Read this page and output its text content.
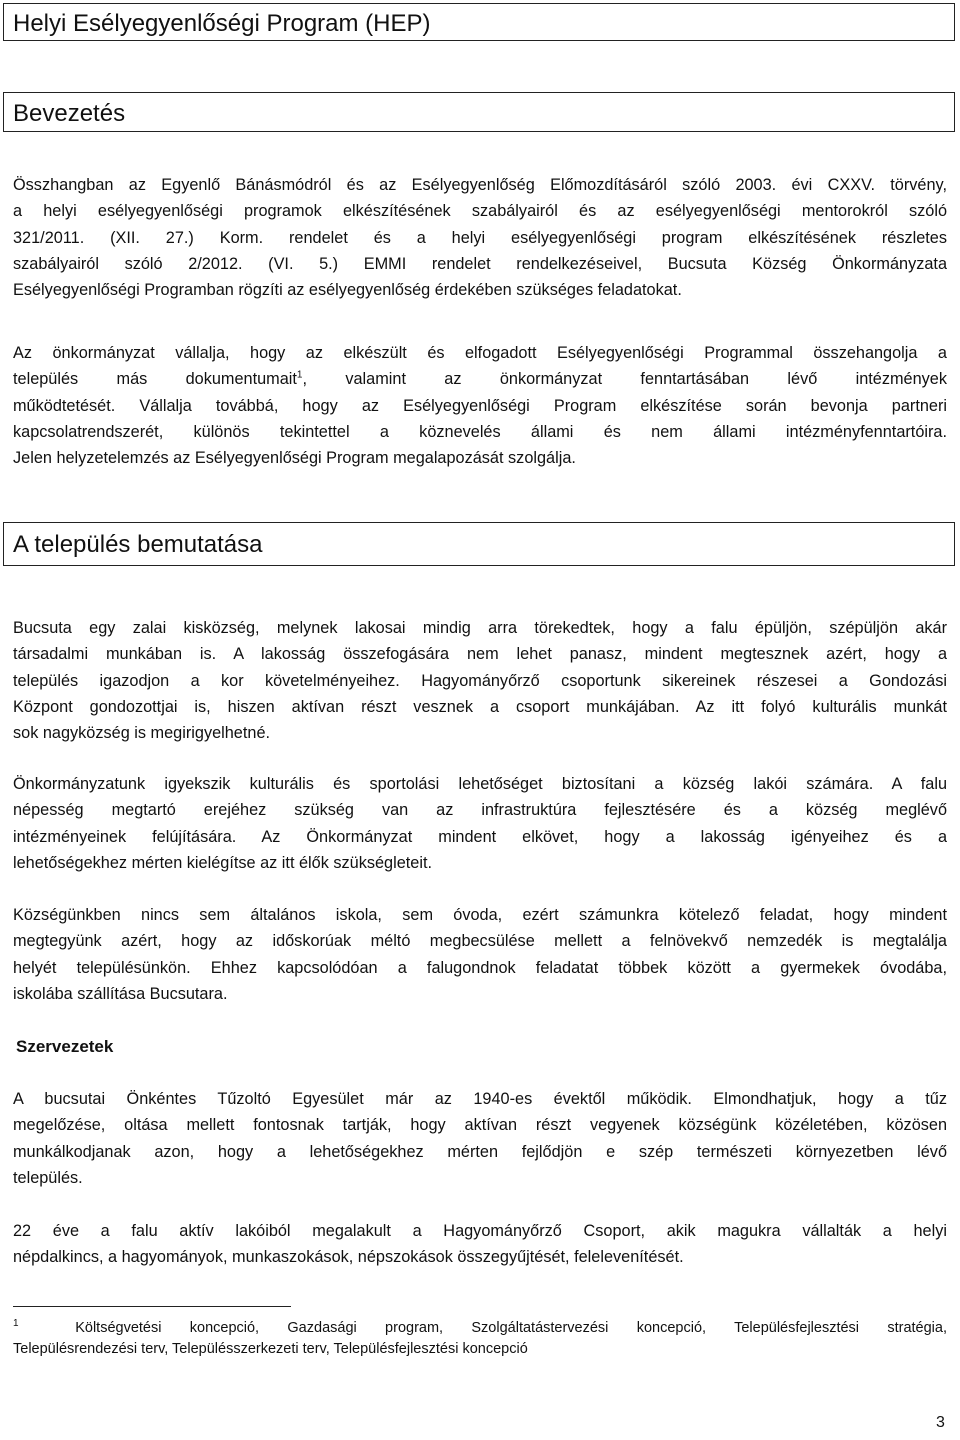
Helyi Esélyegyenlőségi Program (HEP)
Bevezetés
Összhangban az Egyenlő Bánásmódról és az Esélyegyenlőség Előmozdításáról szóló 2003. évi CXXV. törvény,
a helyi esélyegyenlőségi programok elkészítésének szabályairól és az esélyegyenlőségi mentorokról szóló
321/2011. (XII. 27.) Korm. rendelet és a helyi esélyegyenlőségi program elkészítésének részletes
szabályairól szóló 2/2012. (VI. 5.) EMMI rendelet rendelkezéseivel, Bucsuta Község Önkormányzata
Esélyegyenlőségi Programban rögzíti az esélyegyenlőség érdekében szükséges feladatokat.
Az önkormányzat vállalja, hogy az elkészült és elfogadott Esélyegyenlőségi Programmal összehangolja a
település más dokumentumait$^1$, valamint az önkormányzat fenntartásában lévő intézmények
működtetését. Vállalja továbbá, hogy az Esélyegyenlőségi Program elkészítése során bevonja partneri
kapcsolatrendszerét, különös tekintettel a köznevelés állami és nem állami intézményfenntartóira.
Jelen helyzetelemzés az Esélyegyenlőségi Program megalapozását szolgálja.
A település bemutatása
Bucsuta egy zalai kisközség, melynek lakosai mindig arra törekedtek, hogy a falu épüljön, szépüljön akár
társadalmi munkában is. A lakosság összefogására nem lehet panasz, mindent megtesznek azért, hogy a
település igazodjon a kor követelményeihez. Hagyományőrző csoportunk sikereinek részesei a Gondozási
Központ gondozottjai is, hiszen aktívan részt vesznek a csoport munkájában. Az itt folyó kulturális munkát
sok nagyközség is megirigyelhetné.
Önkormányzatunk igyekszik kulturális és sportolási lehetőséget biztosítani a község lakói számára. A falu
népesség megtartó erejéhez szükség van az infrastruktúra fejlesztésére és a község meglévő
intézményeinek felújítására. Az Önkormányzat mindent elkövet, hogy a lakosság igényeihez és a
lehetőségekhez mérten kielégítse az itt élők szükségleteit.
Községünkben nincs sem általános iskola, sem óvoda, ezért számunkra kötelező feladat, hogy mindent
megtegyünk azért, hogy az időskorúak méltó megbecsülése mellett a felnövekvő nemzedék is megtalálja
helyét településünkön. Ehhez kapcsolódóan a falugondnok feladatat többek között a gyermekek óvodába,
iskolába szállítása Bucsutara.
Szervezetek
A bucsutai Önkéntes Tűzoltó Egyesület már az 1940-es évektől működik. Elmondhatjuk, hogy a tűz
megelőzése, oltása mellett fontosnak tartják, hogy aktívan részt vegyenek községünk közéletében, közösen
munkálkodjanak azon, hogy a lehetőségekhez mérten fejlődjön e szép természeti környezetben lévő
település.
22 éve a falu aktív lakóiból megalakult a Hagyományőrző Csoport, akik magukra vállalták a helyi
népdalkincs, a hagyományok, munkaszokások, népszokások összegyűjtését, felelevenítését.
$^1$	Költségvetési koncepció, Gazdasági program, Szolgáltatástervezési koncepció, Településfejlesztési stratégia,
Településrendezési terv, Településszerkezeti terv, Településfejlesztési koncepció
3
